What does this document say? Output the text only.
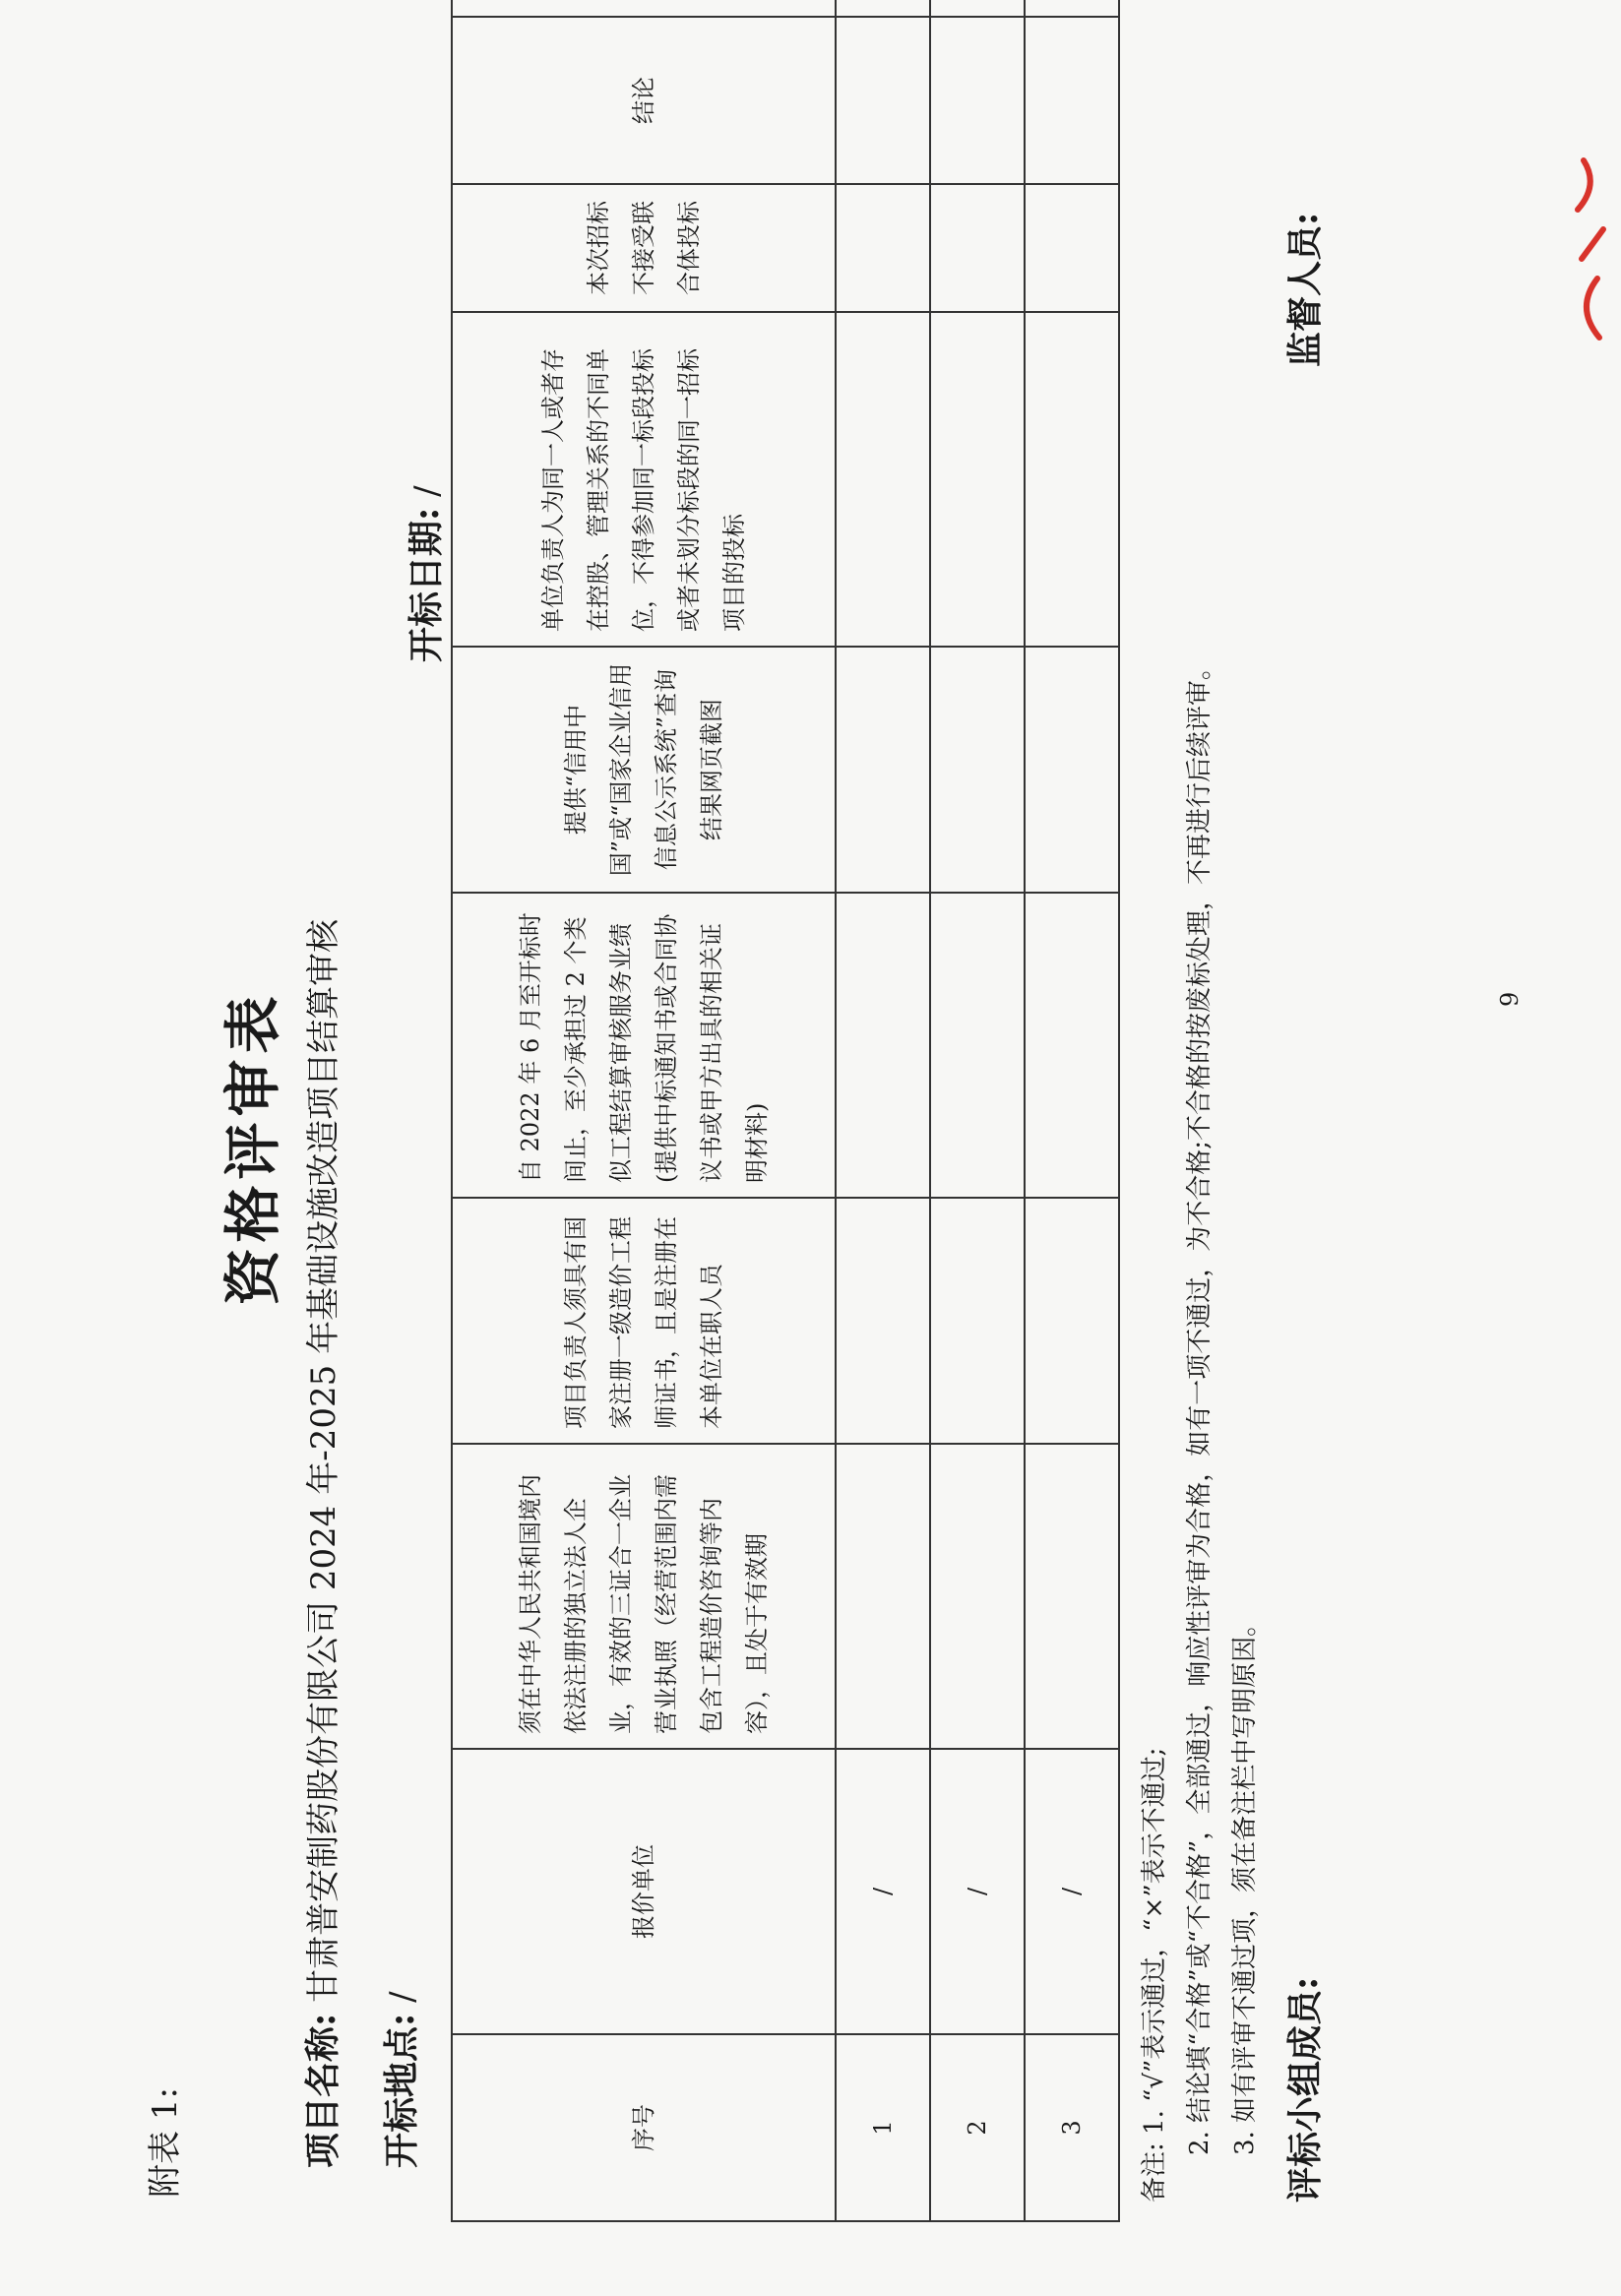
附表 1:
资格评审表
项目名称: 甘肃普安制药股份有限公司 2024 年-2025 年基础设施改造项目结算审核
开标地点: /
开标日期: /
序号	报价单位	须在中华人民共和国境内依法注册的独立法人企业，有效的三证合一企业营业执照（经营范围内需包含工程造价咨询等内容），且处于有效期	项目负责人须具有国家注册一级造价工程师证书，且是注册在本单位在职人员	自 2022 年 6 月至开标时间止，至少承担过 2 个类似工程结算审核服务业绩(提供中标通知书或合同协议书或甲方出具的相关证明材料)	提供“信用中国”或“国家企业信用信息公示系统”查询结果网页截图	单位负责人为同一人或者存在控股、管理关系的不同单位，不得参加同一标段投标或者未划分标段的同一招标项目的投标	本次招标不接受联合体投标	结论	
1	/								
2	/								
3	/								
备注: 1. “√”表示通过，“×”表示不通过; 2. 结论填“合格”或“不合格”，全部通过，响应性评审为合格，如有一项不通过，为不合格;不合格的按废标处理，不再进行后续评审。 3. 如有评审不通过项，须在备注栏中写明原因。 评标小组成员:
监督人员:
9
